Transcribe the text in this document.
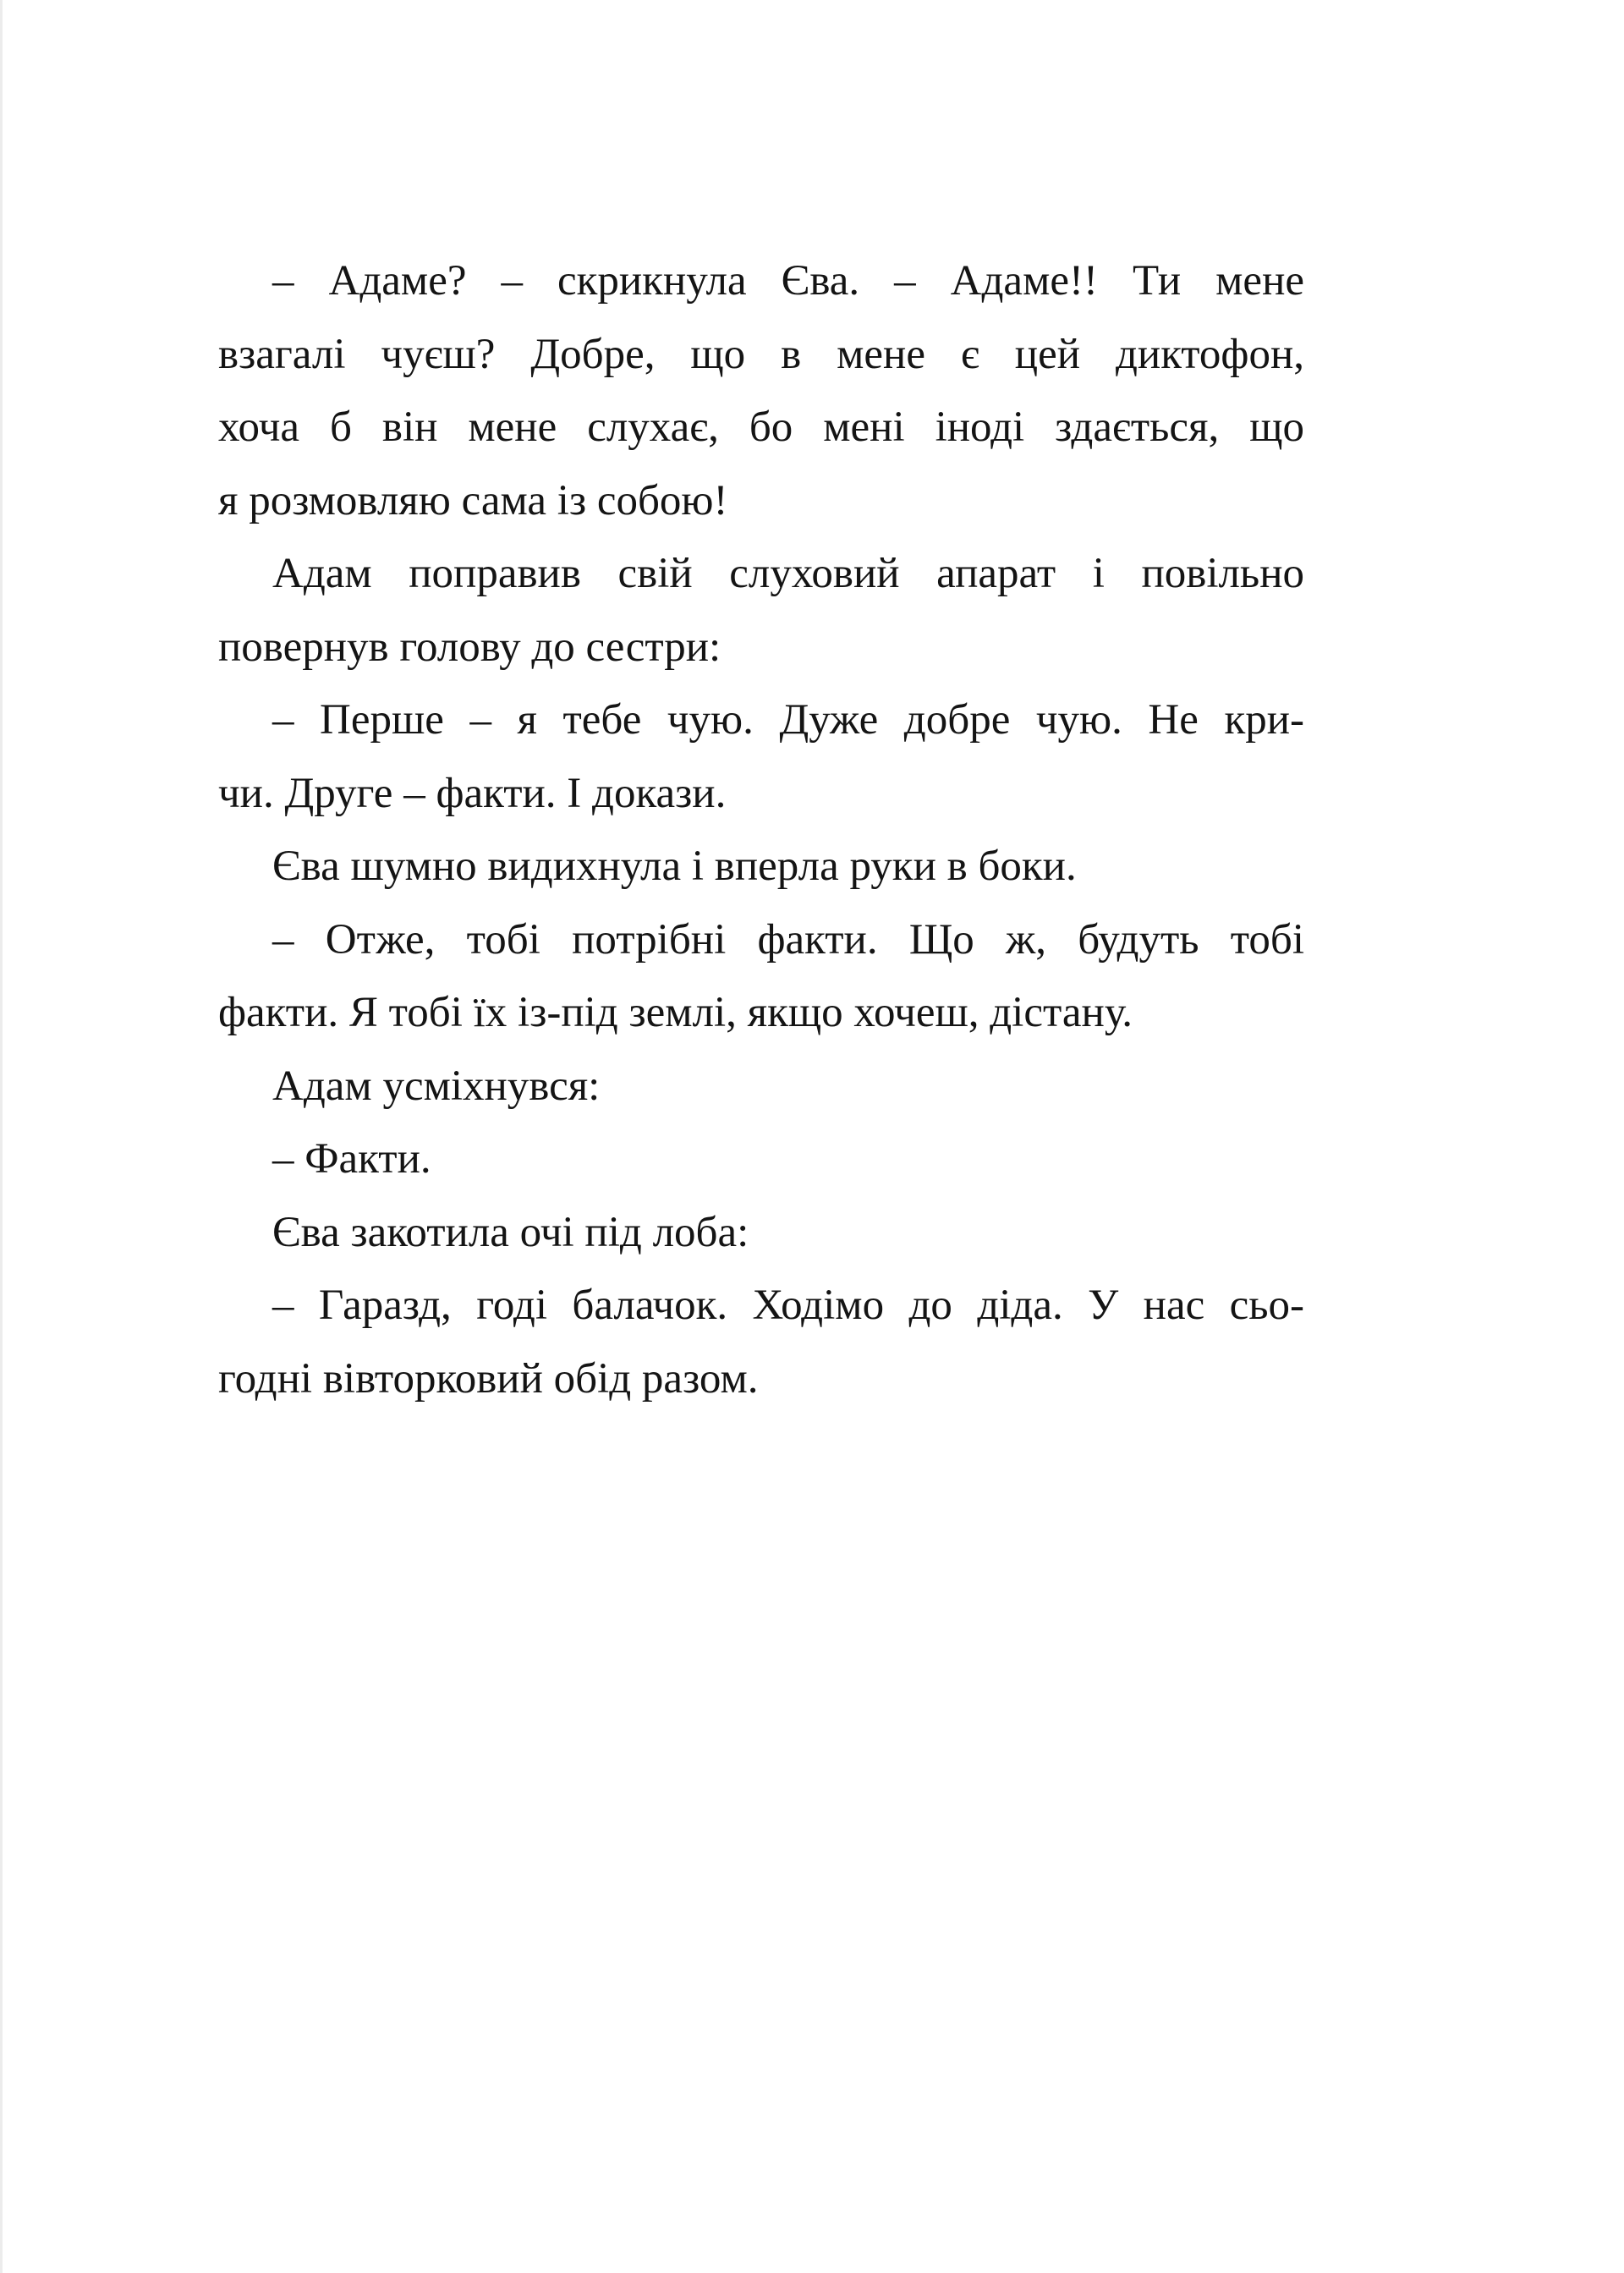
– Адаме? – скрикнула Єва. – Адаме!! Ти мене
взагалі чуєш? Добре, що в мене є цей диктофон,
хоча б він мене слухає, бо мені іноді здається, що
я розмовляю сама із собою!
Адам поправив свій слуховий апарат і повільно
повернув голову до сестри:
– Перше – я тебе чую. Дуже добре чую. Не кри-
чи. Друге – факти. І докази.
Єва шумно видихнула і вперла руки в боки.
– Отже, тобі потрібні факти. Що ж, будуть тобі
факти. Я тобі їх із-під землі, якщо хочеш, дістану.
Адам усміхнувся:
– Факти.
Єва закотила очі під лоба:
– Гаразд, годі балачок. Ходімо до діда. У нас сьо-
годні вівторковий обід разом.
